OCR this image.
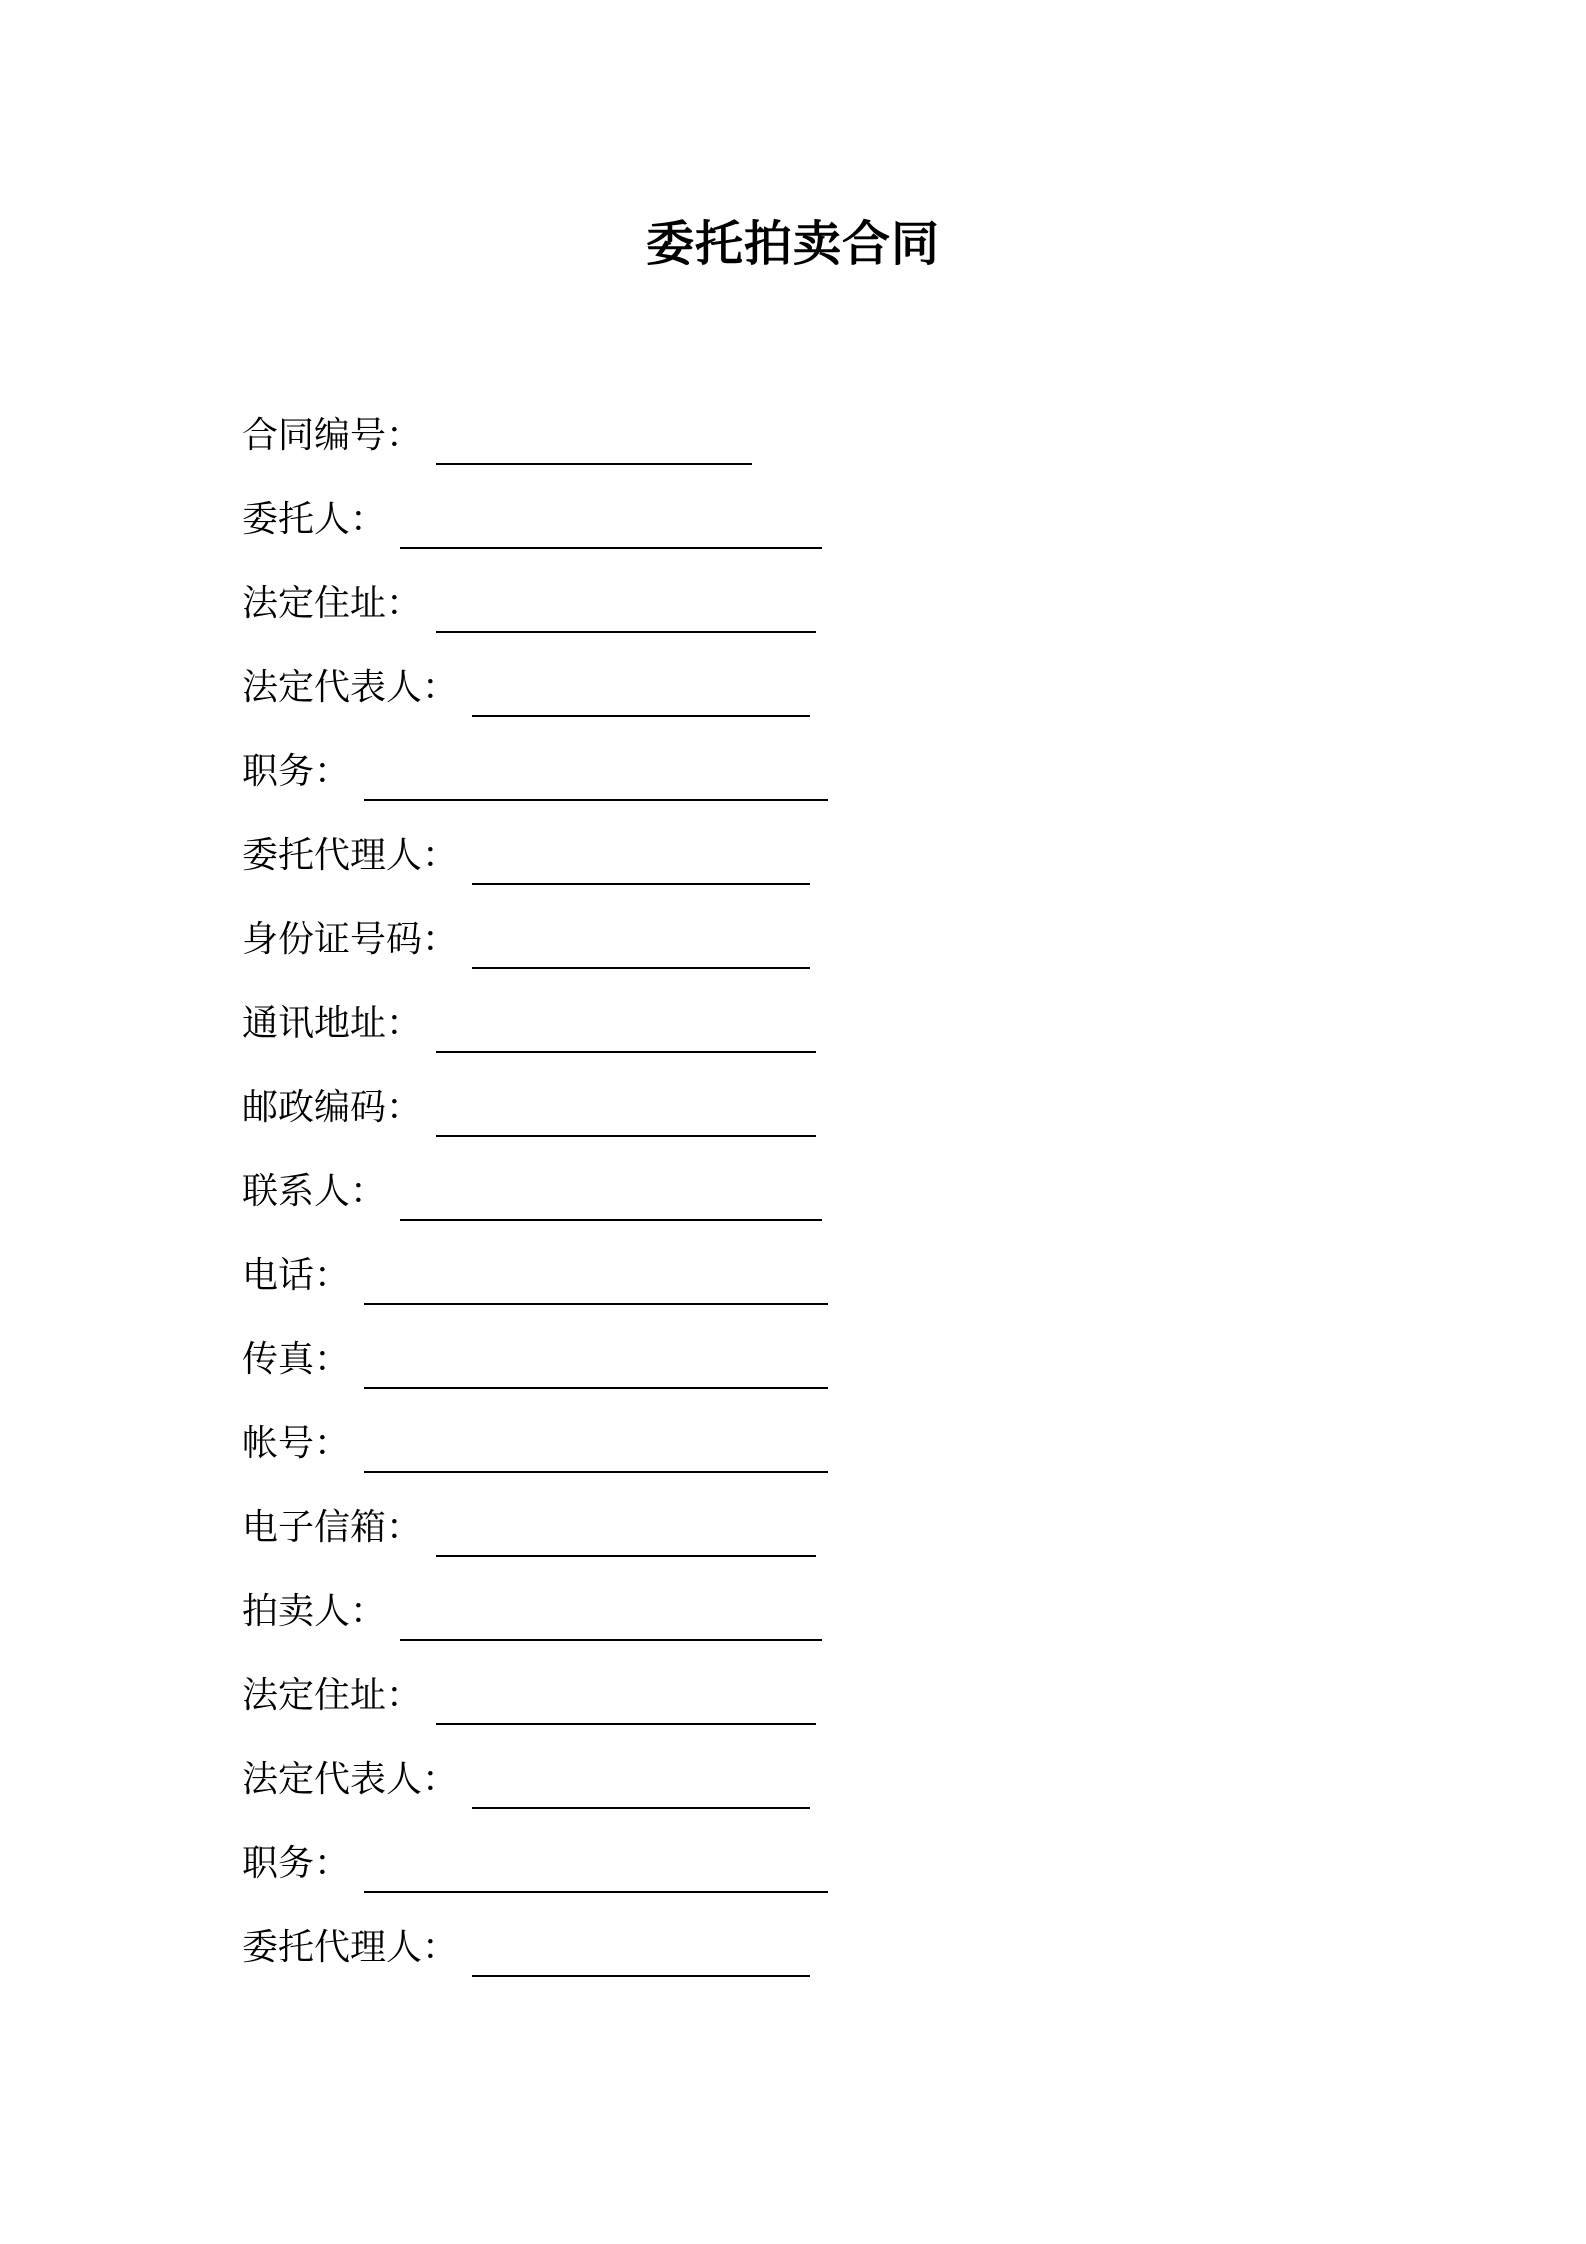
委托拍卖合同
合同编号：
委托人：
法定住址：
法定代表人：
职务：
委托代理人：
身份证号码：
通讯地址：
邮政编码：
联系人：
电话：
传真：
帐号：
电子信箱：
拍卖人：
法定住址：
法定代表人：
职务：
委托代理人：
